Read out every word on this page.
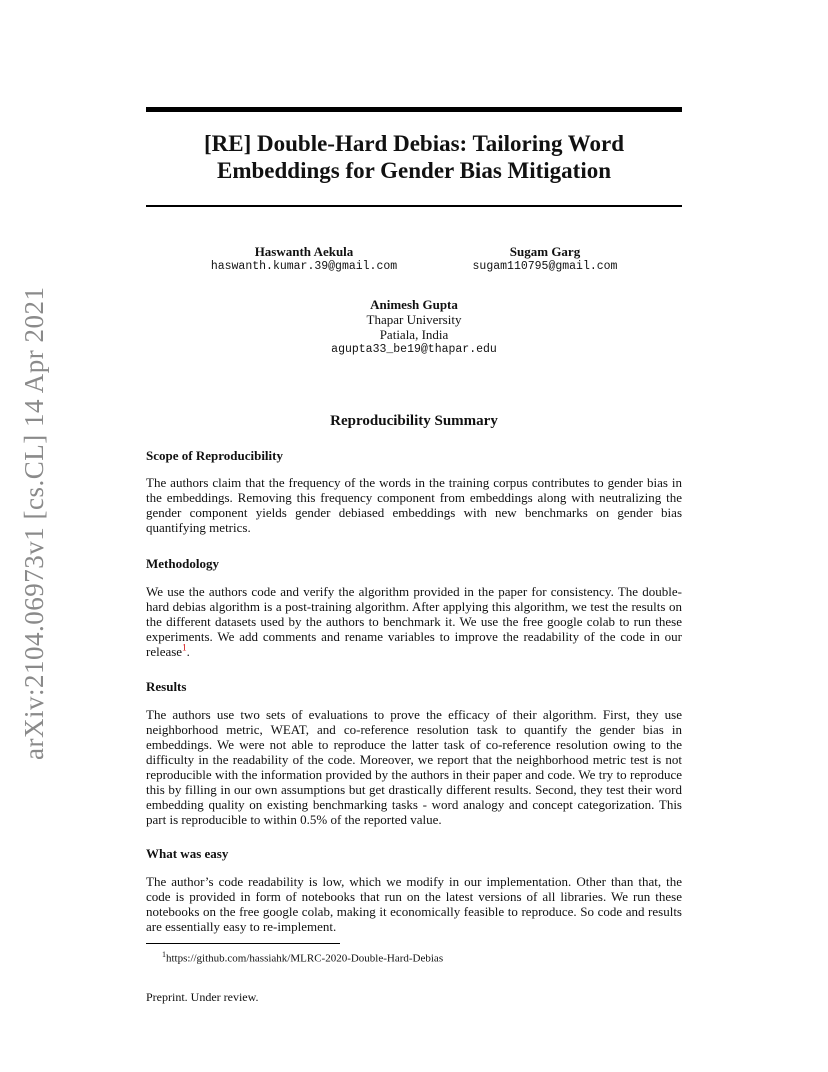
arXiv:2104.06973v1 [cs.CL] 14 Apr 2021
[RE] Double-Hard Debias: Tailoring Word Embeddings for Gender Bias Mitigation
Haswanth Aekula
haswanth.kumar.39@gmail.com
Sugam Garg
sugam110795@gmail.com
Animesh Gupta
Thapar University
Patiala, India
agupta33_be19@thapar.edu
Reproducibility Summary
Scope of Reproducibility
The authors claim that the frequency of the words in the training corpus contributes to gender bias in the embeddings. Removing this frequency component from embeddings along with neutralizing the gender component yields gender debiased embeddings with new benchmarks on gender bias quantifying metrics.
Methodology
We use the authors code and verify the algorithm provided in the paper for consistency. The double-hard debias algorithm is a post-training algorithm. After applying this algorithm, we test the results on the different datasets used by the authors to benchmark it. We use the free google colab to run these experiments. We add comments and rename variables to improve the readability of the code in our release$^1$.
Results
The authors use two sets of evaluations to prove the efficacy of their algorithm. First, they use neighborhood metric, WEAT, and co-reference resolution task to quantify the gender bias in embeddings. We were not able to reproduce the latter task of co-reference resolution owing to the difficulty in the readability of the code. Moreover, we report that the neighborhood metric test is not reproducible with the information provided by the authors in their paper and code. We try to reproduce this by filling in our own assumptions but get drastically different results. Second, they test their word embedding quality on existing benchmarking tasks - word analogy and concept categorization. This part is reproducible to within 0.5% of the reported value.
What was easy
The author’s code readability is low, which we modify in our implementation. Other than that, the code is provided in form of notebooks that run on the latest versions of all libraries. We run these notebooks on the free google colab, making it economically feasible to reproduce. So code and results are essentially easy to re-implement.
$^1$https://github.com/hassiahk/MLRC-2020-Double-Hard-Debias
Preprint. Under review.
